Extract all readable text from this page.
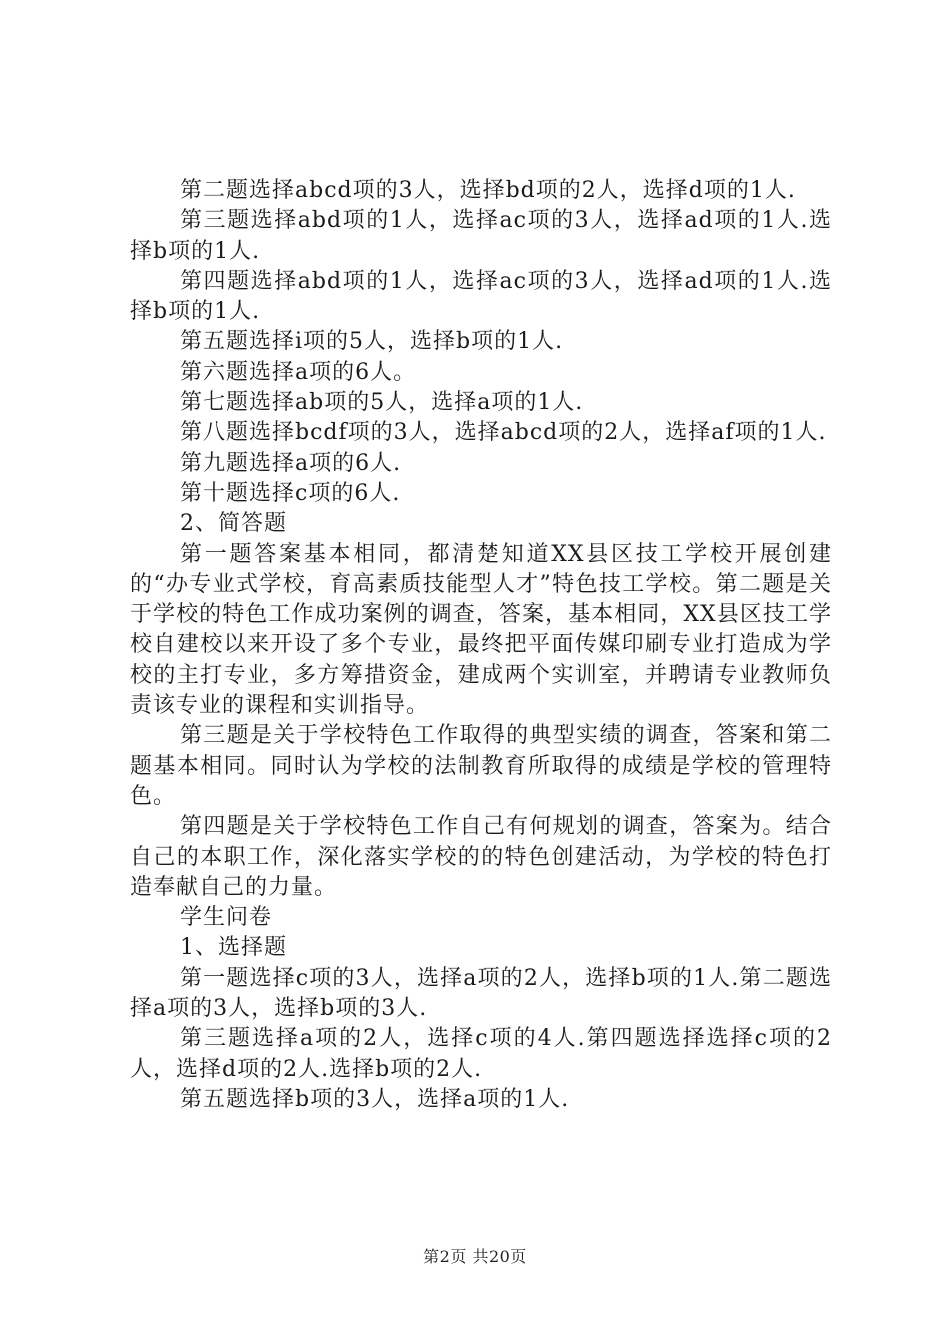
第二题选择abcd项的3人，选择bd项的2人，选择d项的1人.

第三题选择abd项的1人，选择ac项的3人，选择ad项的1人.选择b项的1人.

第四题选择abd项的1人，选择ac项的3人，选择ad项的1人.选择b项的1人.

第五题选择i项的5人，选择b项的1人.

第六题选择a项的6人。

第七题选择ab项的5人，选择a项的1人.

第八题选择bcdf项的3人，选择abcd项的2人，选择af项的1人.

第九题选择a项的6人.

第十题选择c项的6人.

2、简答题

第一题答案基本相同，都清楚知道XX县区技工学校开展创建的“办专业式学校，育高素质技能型人才”特色技工学校。第二题是关于学校的特色工作成功案例的调查，答案，基本相同，XX县区技工学校自建校以来开设了多个专业，最终把平面传媒印刷专业打造成为学校的主打专业，多方筹措资金，建成两个实训室，并聘请专业教师负责该专业的课程和实训指导。

第三题是关于学校特色工作取得的典型实绩的调查，答案和第二题基本相同。同时认为学校的法制教育所取得的成绩是学校的管理特色。

第四题是关于学校特色工作自己有何规划的调查，答案为。结合自己的本职工作，深化落实学校的的特色创建活动，为学校的特色打造奉献自己的力量。

学生问卷

1、选择题

第一题选择c项的3人，选择a项的2人，选择b项的1人.第二题选择a项的3人，选择b项的3人.

第三题选择a项的2人，选择c项的4人.第四题选择选择c项的2人，选择d项的2人.选择b项的2人.

第五题选择b项的3人，选择a项的1人.

第2页 共20页
